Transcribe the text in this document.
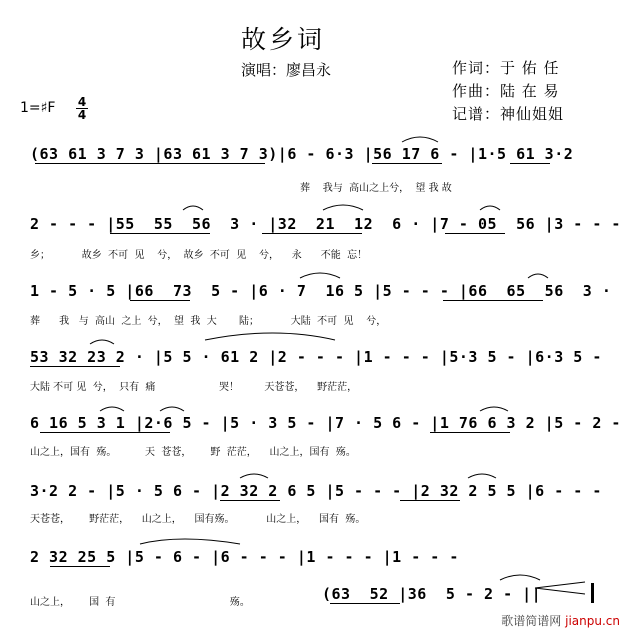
故乡词
演唱：廖昌永	作词：于 佑 任
作曲：陆 在 易
记谱：神仙姐姐
1=♯F 4
4
(63 61 3 7 3 |63 61 3 7 3)|6 - 6·3 |56 17 6 - |1·5 61 3·2
葬    我与  高山之上兮，  望 我 故
2 - - - |55  55  56  3 · |32  21  12  6 · |7 - 05  56 |3 - - -
乡；          故乡  不可  见    兮，  故乡  不可  见    兮，    永      不能  忘！
1 - 5 · 5 |66  73  5 - |6 · 7  16 5 |5 - - - |66  65  56  3 ·
葬      我   与  高山  之上  兮，  望  我  大       陆；          大陆  不可  见    兮，
53 32 23 2 · |5 5 · 61 2 |2 - - - |1 - - - |5·3 5 - |6·3 5 -
大陆 不可 见  兮，  只有  痛                    哭！        天苍苍，    野茫茫，
6 16 5 3 1 |2·6 5 - |5 · 3 5 - |7 · 5 6 - |1 76 6 3 2 |5 - 2 -
山之上，国有  殇。         天  苍苍，      野  茫茫，    山之上，国有  殇。
3·2 2 - |5 · 5 6 - |2 32 2 6 5 |5 - - - |2 32 2 5 5 |6 - - -
天苍苍，      野茫茫，    山之上，    国有殇。          山之上，    国有  殇。
2 32 25 5 |5 - 6 - |6 - - - |1 - - - |1 - - -
山之上，      国  有                                    殇。	(63  52 |36  5 - 2 - ||
歌谱简谱网 jianpu.cn
